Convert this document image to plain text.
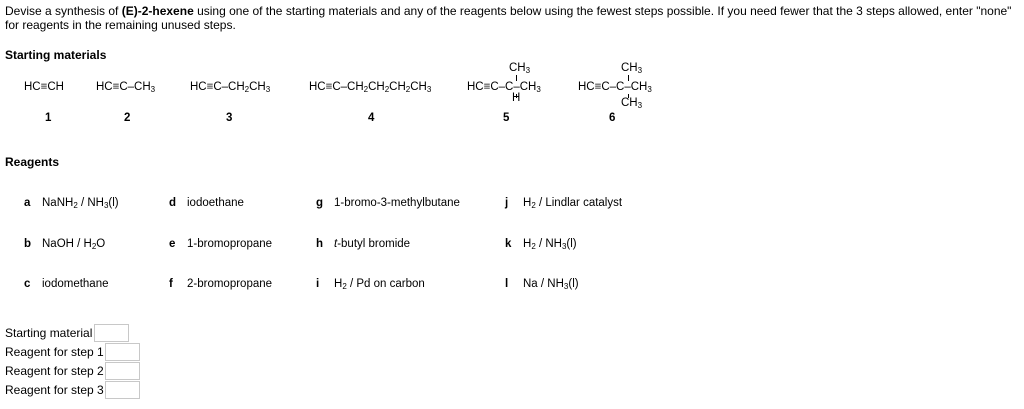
Devise a synthesis of (E)-2-hexene using one of the starting materials and any of the reagents below using the fewest steps possible. If you need fewer that the 3 steps allowed, enter "none" for reagents in the remaining unused steps.
Starting materials
HC≡CH
1
$HC\equiv C-CH_3$
2
$HC\equiv C-CH_2CH_3$
3
$HC\equiv C-CH_2CH_2CH_2CH_3$
4
$CH_3$
$HC\equiv C-C-CH_3$
H
5
$CH_3$
$HC\equiv C-C-CH_3$
$CH_3$
6
Reagents
a NaNH$_2$ / $NH_3(l)$
b NaOH / $H_2O$
c iodomethane
d iodoethane
e 1-bromopropane
f 2-bromopropane
g 1-bromo-3-methylbutane
h t-butyl bromide
i $H_2$ / Pd on carbon
j $H_2$ / Lindlar catalyst
k $H_2 / NH_3(l)$
l Na / $NH_3(l)$
Starting material
Reagent for step 1
Reagent for step 2
Reagent for step 3
